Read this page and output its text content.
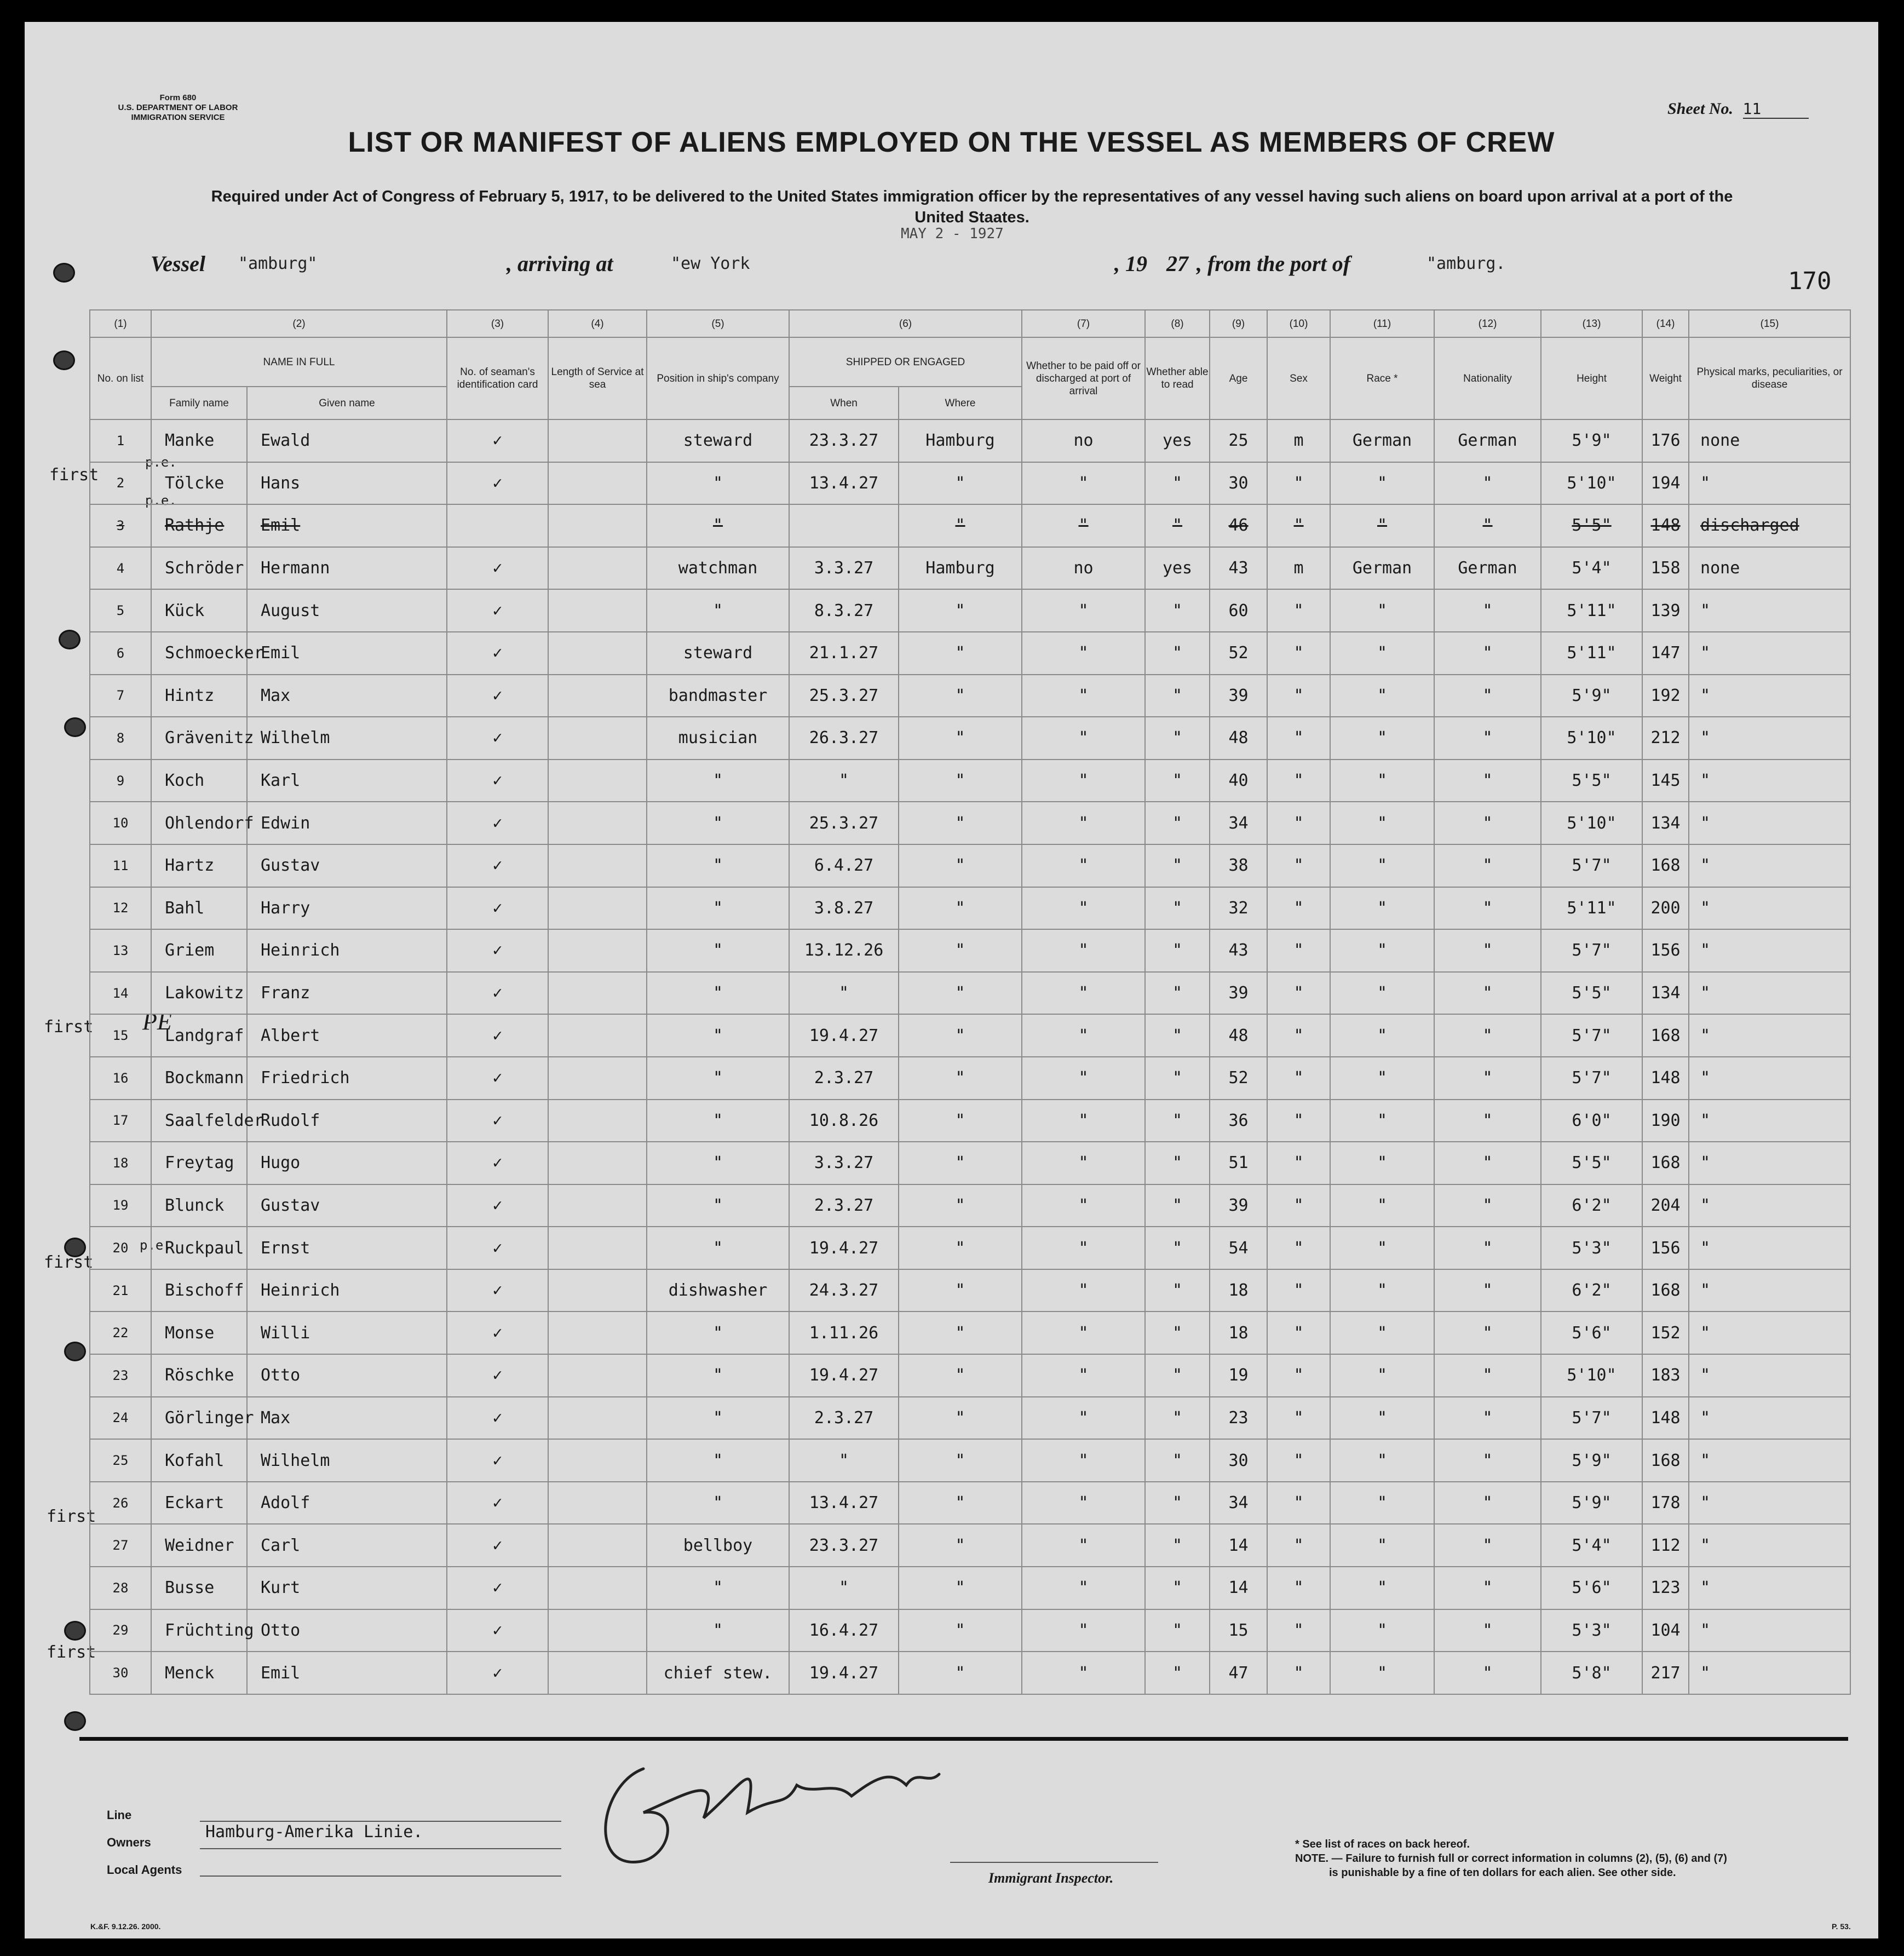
Form 680
U.S. DEPARTMENT OF LABOR
IMMIGRATION SERVICE	Sheet No. 11
LIST OR MANIFEST OF ALIENS EMPLOYED ON THE VESSEL AS MEMBERS OF CREW
Required under Act of Congress of February 5, 1917, to be delivered to the United States immigration officer by the representatives of any vessel having such aliens on board upon arrival at a port of the United Staates.
MAY 2 - 1927
Vessel "amburg"	, arriving at	"ew York	, 19 27 , from the port of	"amburg.
170
first
p.e.
p.e.
first PE
p.e.
first
first
first
(1)	(2)		(3)	(4)	(5)	(6)		(7)	(8)	(9)	(10)	(11)	(12)	(13)	(14)	(15)
No. on list	NAME IN FULL		No. of seaman's identification card	Length of Service at sea	Position in ship's company	SHIPPED OR ENGAGED		Whether to be paid off or discharged at port of arrival	Whether able to read	Age	Sex	Race *	Nationality	Height	Weight	Physical marks, peculiarities, or disease
	Family name	Given name				When	Where									
1	Manke	Ewald	✓		steward	23.3.27	Hamburg	no	yes	25	m	German	German	5'9"	176	none
2	Tölcke	Hans	✓		"	13.4.27	"	"	"	30	"	"	"	5'10"	194	"
3	Rathje	Emil			"		"	"	"	46	"	"	"	5'5"	148	discharged
4	Schröder	Hermann	✓		watchman	3.3.27	Hamburg	no	yes	43	m	German	German	5'4"	158	none
5	Kück	August	✓		"	8.3.27	"	"	"	60	"	"	"	5'11"	139	"
6	Schmoecker	Emil	✓		steward	21.1.27	"	"	"	52	"	"	"	5'11"	147	"
7	Hintz	Max	✓		bandmaster	25.3.27	"	"	"	39	"	"	"	5'9"	192	"
8	Grävenitz	Wilhelm	✓		musician	26.3.27	"	"	"	48	"	"	"	5'10"	212	"
9	Koch	Karl	✓		"	"	"	"	"	40	"	"	"	5'5"	145	"
10	Ohlendorf	Edwin	✓		"	25.3.27	"	"	"	34	"	"	"	5'10"	134	"
11	Hartz	Gustav	✓		"	6.4.27	"	"	"	38	"	"	"	5'7"	168	"
12	Bahl	Harry	✓		"	3.8.27	"	"	"	32	"	"	"	5'11"	200	"
13	Griem	Heinrich	✓		"	13.12.26	"	"	"	43	"	"	"	5'7"	156	"
14	Lakowitz	Franz	✓		"	"	"	"	"	39	"	"	"	5'5"	134	"
15	Landgraf	Albert	✓		"	19.4.27	"	"	"	48	"	"	"	5'7"	168	"
16	Bockmann	Friedrich	✓		"	2.3.27	"	"	"	52	"	"	"	5'7"	148	"
17	Saalfelder	Rudolf	✓		"	10.8.26	"	"	"	36	"	"	"	6'0"	190	"
18	Freytag	Hugo	✓		"	3.3.27	"	"	"	51	"	"	"	5'5"	168	"
19	Blunck	Gustav	✓		"	2.3.27	"	"	"	39	"	"	"	6'2"	204	"
20	Ruckpaul	Ernst	✓		"	19.4.27	"	"	"	54	"	"	"	5'3"	156	"
21	Bischoff	Heinrich	✓		dishwasher	24.3.27	"	"	"	18	"	"	"	6'2"	168	"
22	Monse	Willi	✓		"	1.11.26	"	"	"	18	"	"	"	5'6"	152	"
23	Röschke	Otto	✓		"	19.4.27	"	"	"	19	"	"	"	5'10"	183	"
24	Görlinger	Max	✓		"	2.3.27	"	"	"	23	"	"	"	5'7"	148	"
25	Kofahl	Wilhelm	✓		"	"	"	"	"	30	"	"	"	5'9"	168	"
26	Eckart	Adolf	✓		"	13.4.27	"	"	"	34	"	"	"	5'9"	178	"
27	Weidner	Carl	✓		bellboy	23.3.27	"	"	"	14	"	"	"	5'4"	112	"
28	Busse	Kurt	✓		"	"	"	"	"	14	"	"	"	5'6"	123	"
29	Früchting	Otto	✓		"	16.4.27	"	"	"	15	"	"	"	5'3"	104	"
30	Menck	Emil	✓		chief stew.	19.4.27	"	"	"	47	"	"	"	5'8"	217	"
Line
Owners
Hamburg-Amerika Linie.
Local Agents
Immigrant Inspector.
* See list of races on back hereof.
NOTE. — Failure to furnish full or correct information in columns (2), (5), (6) and (7)
is punishable by a fine of ten dollars for each alien. See other side.
K.&F. 9.12.26. 2000.	P. 53.
